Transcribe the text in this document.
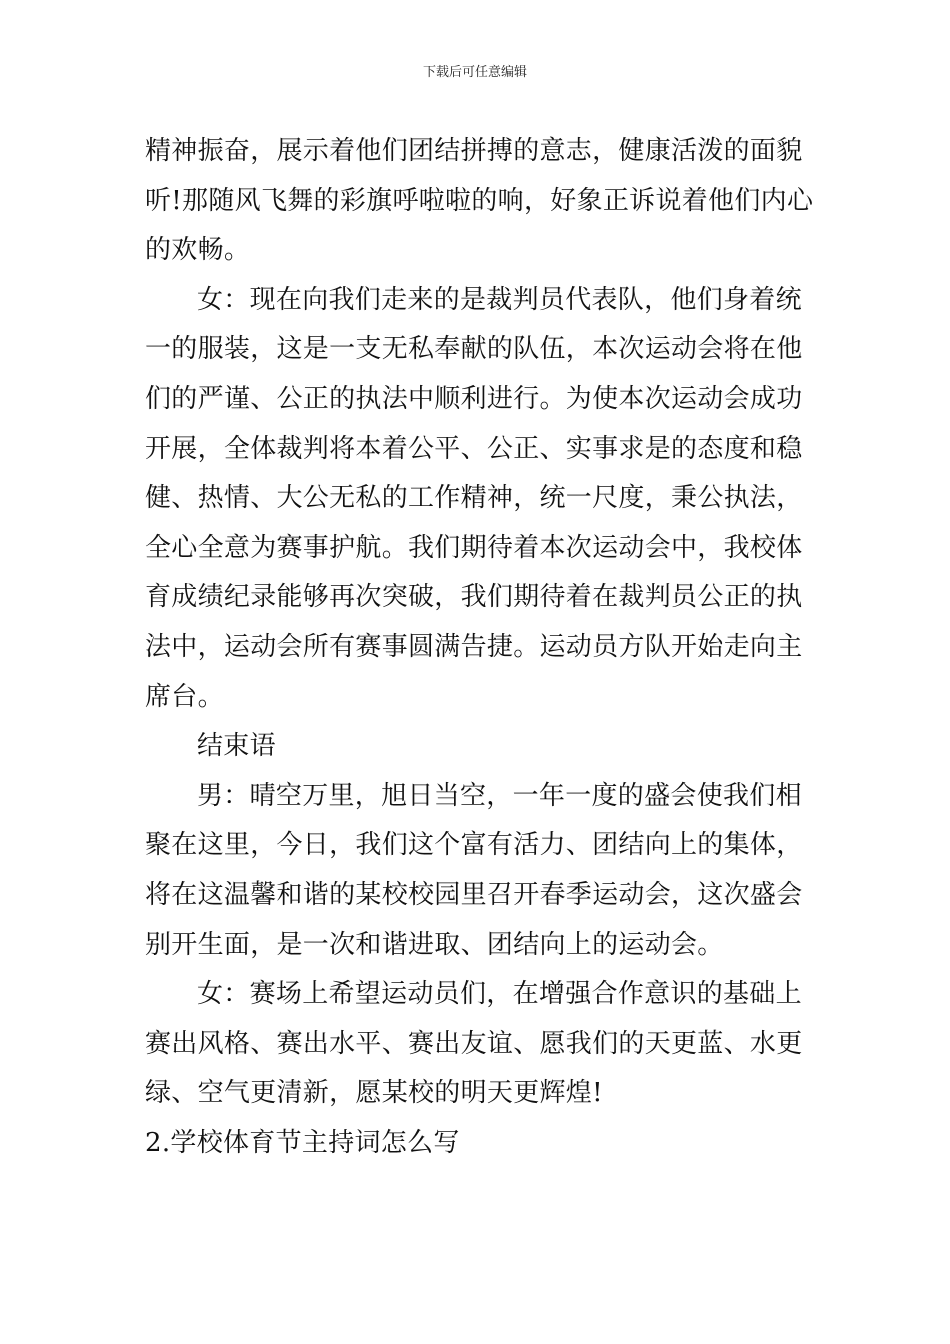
下载后可任意编辑
精神振奋，展示着他们团结拼搏的意志，健康活泼的面貌
听!那随风飞舞的彩旗呼啦啦的响，好象正诉说着他们内心
的欢畅。
女：现在向我们走来的是裁判员代表队，他们身着统
一的服装，这是一支无私奉献的队伍，本次运动会将在他
们的严谨、公正的执法中顺利进行。为使本次运动会成功
开展，全体裁判将本着公平、公正、实事求是的态度和稳
健、热情、大公无私的工作精神，统一尺度，秉公执法，
全心全意为赛事护航。我们期待着本次运动会中，我校体
育成绩纪录能够再次突破，我们期待着在裁判员公正的执
法中，运动会所有赛事圆满告捷。运动员方队开始走向主
席台。
结束语
男：晴空万里，旭日当空，一年一度的盛会使我们相
聚在这里，今日，我们这个富有活力、团结向上的集体，
将在这温馨和谐的某校校园里召开春季运动会，这次盛会
别开生面，是一次和谐进取、团结向上的运动会。
女：赛场上希望运动员们，在增强合作意识的基础上
赛出风格、赛出水平、赛出友谊、愿我们的天更蓝、水更
绿、空气更清新，愿某校的明天更辉煌!
2.学校体育节主持词怎么写
